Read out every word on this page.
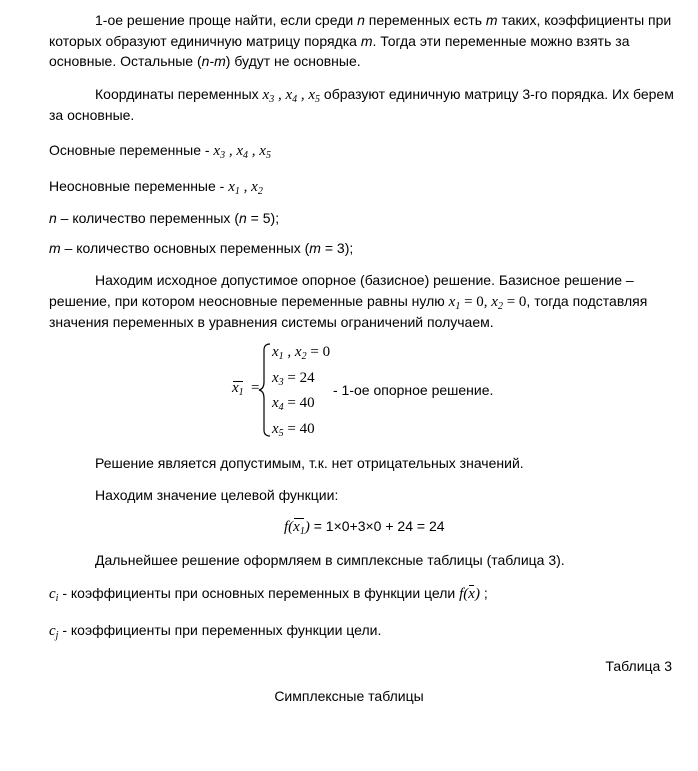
1-ое решение проще найти, если среди n переменных есть m таких, коэффициенты при
которых образуют единичную матрицу порядка m. Тогда эти переменные можно взять за
основные. Остальные (n-m) будут не основные.
Координаты переменных $x_3$ , $x_4$ , $x_5$ образуют единичную матрицу 3-го порядка. Их берем
за основные.
Основные переменные - $x_3$ , $x_4$ , $x_5$
Неосновные переменные - $x_1$ , $x_2$
n – количество переменных (n = 5);
m – количество основных переменных (m = 3);
Находим исходное допустимое опорное (базисное) решение. Базисное решение –
решение, при котором неосновные переменные равны нулю $x_1 = 0$, $x_2 = 0$, тогда подставляя
значения переменных в уравнения системы ограничений получаем.
$x_1$ =
$x_1$ , $x_2 = 0$
$x_3 = 24$
$x_4 = 40$
$x_5 = 40$
- 1-ое опорное решение.
Решение является допустимым, т.к. нет отрицательных значений.
Находим значение целевой функции:
$f(x_1) = 1\times 0+3\times 0 + 24 = 24$
Дальнейшее решение оформляем в симплексные таблицы (таблица 3).
$c_i$ - коэффициенты при основных переменных в функции цели f(x) ;
$c_j$ - коэффициенты при переменных функции цели.
Таблица 3
Симплексные таблицы
